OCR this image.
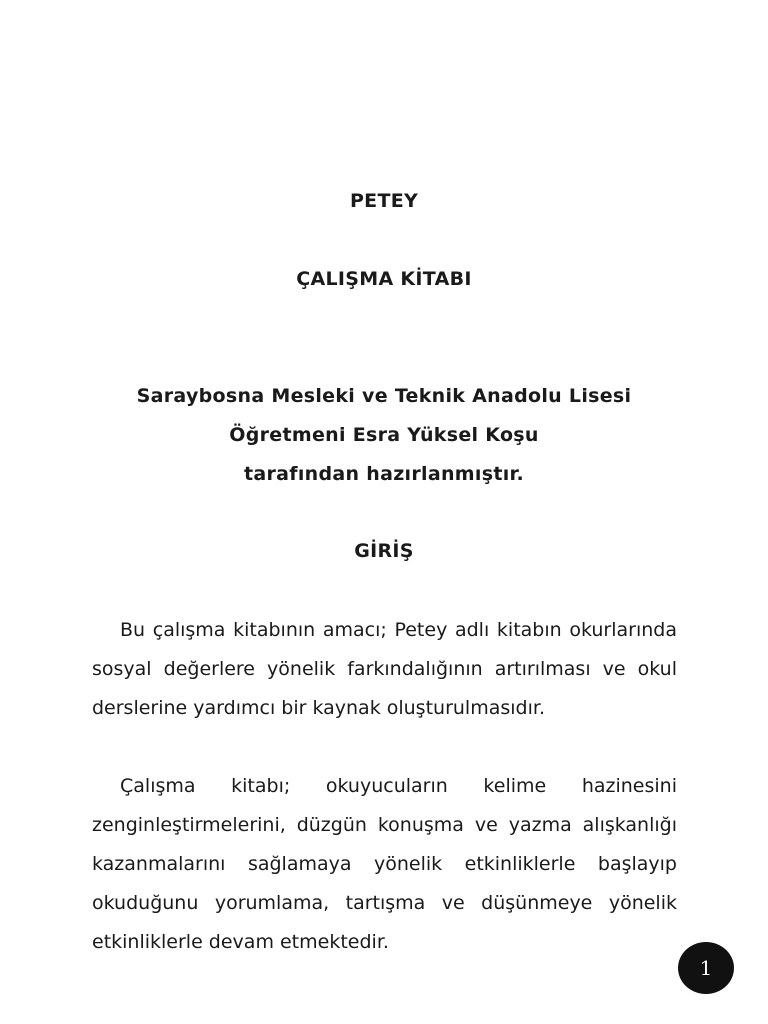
PETEY
ÇALIŞMA KİTABI
Saraybosna Mesleki ve Teknik Anadolu Lisesi
Öğretmeni Esra Yüksel Koşu
tarafından hazırlanmıştır.
GİRİŞ

Bu çalışma kitabının amacı; Petey adlı kitabın okurlarında sosyal değerlere yönelik farkındalığının artırılması ve okul derslerine yardımcı bir kaynak oluşturulmasıdır.

Çalışma kitabı; okuyucuların kelime hazinesini zenginleştirmelerini, düzgün konuşma ve yazma alışkanlığı kazanmalarını sağlamaya yönelik etkinliklerle başlayıp okuduğunu yorumlama, tartışma ve düşünmeye yönelik etkinliklerle devam etmektedir.

1
